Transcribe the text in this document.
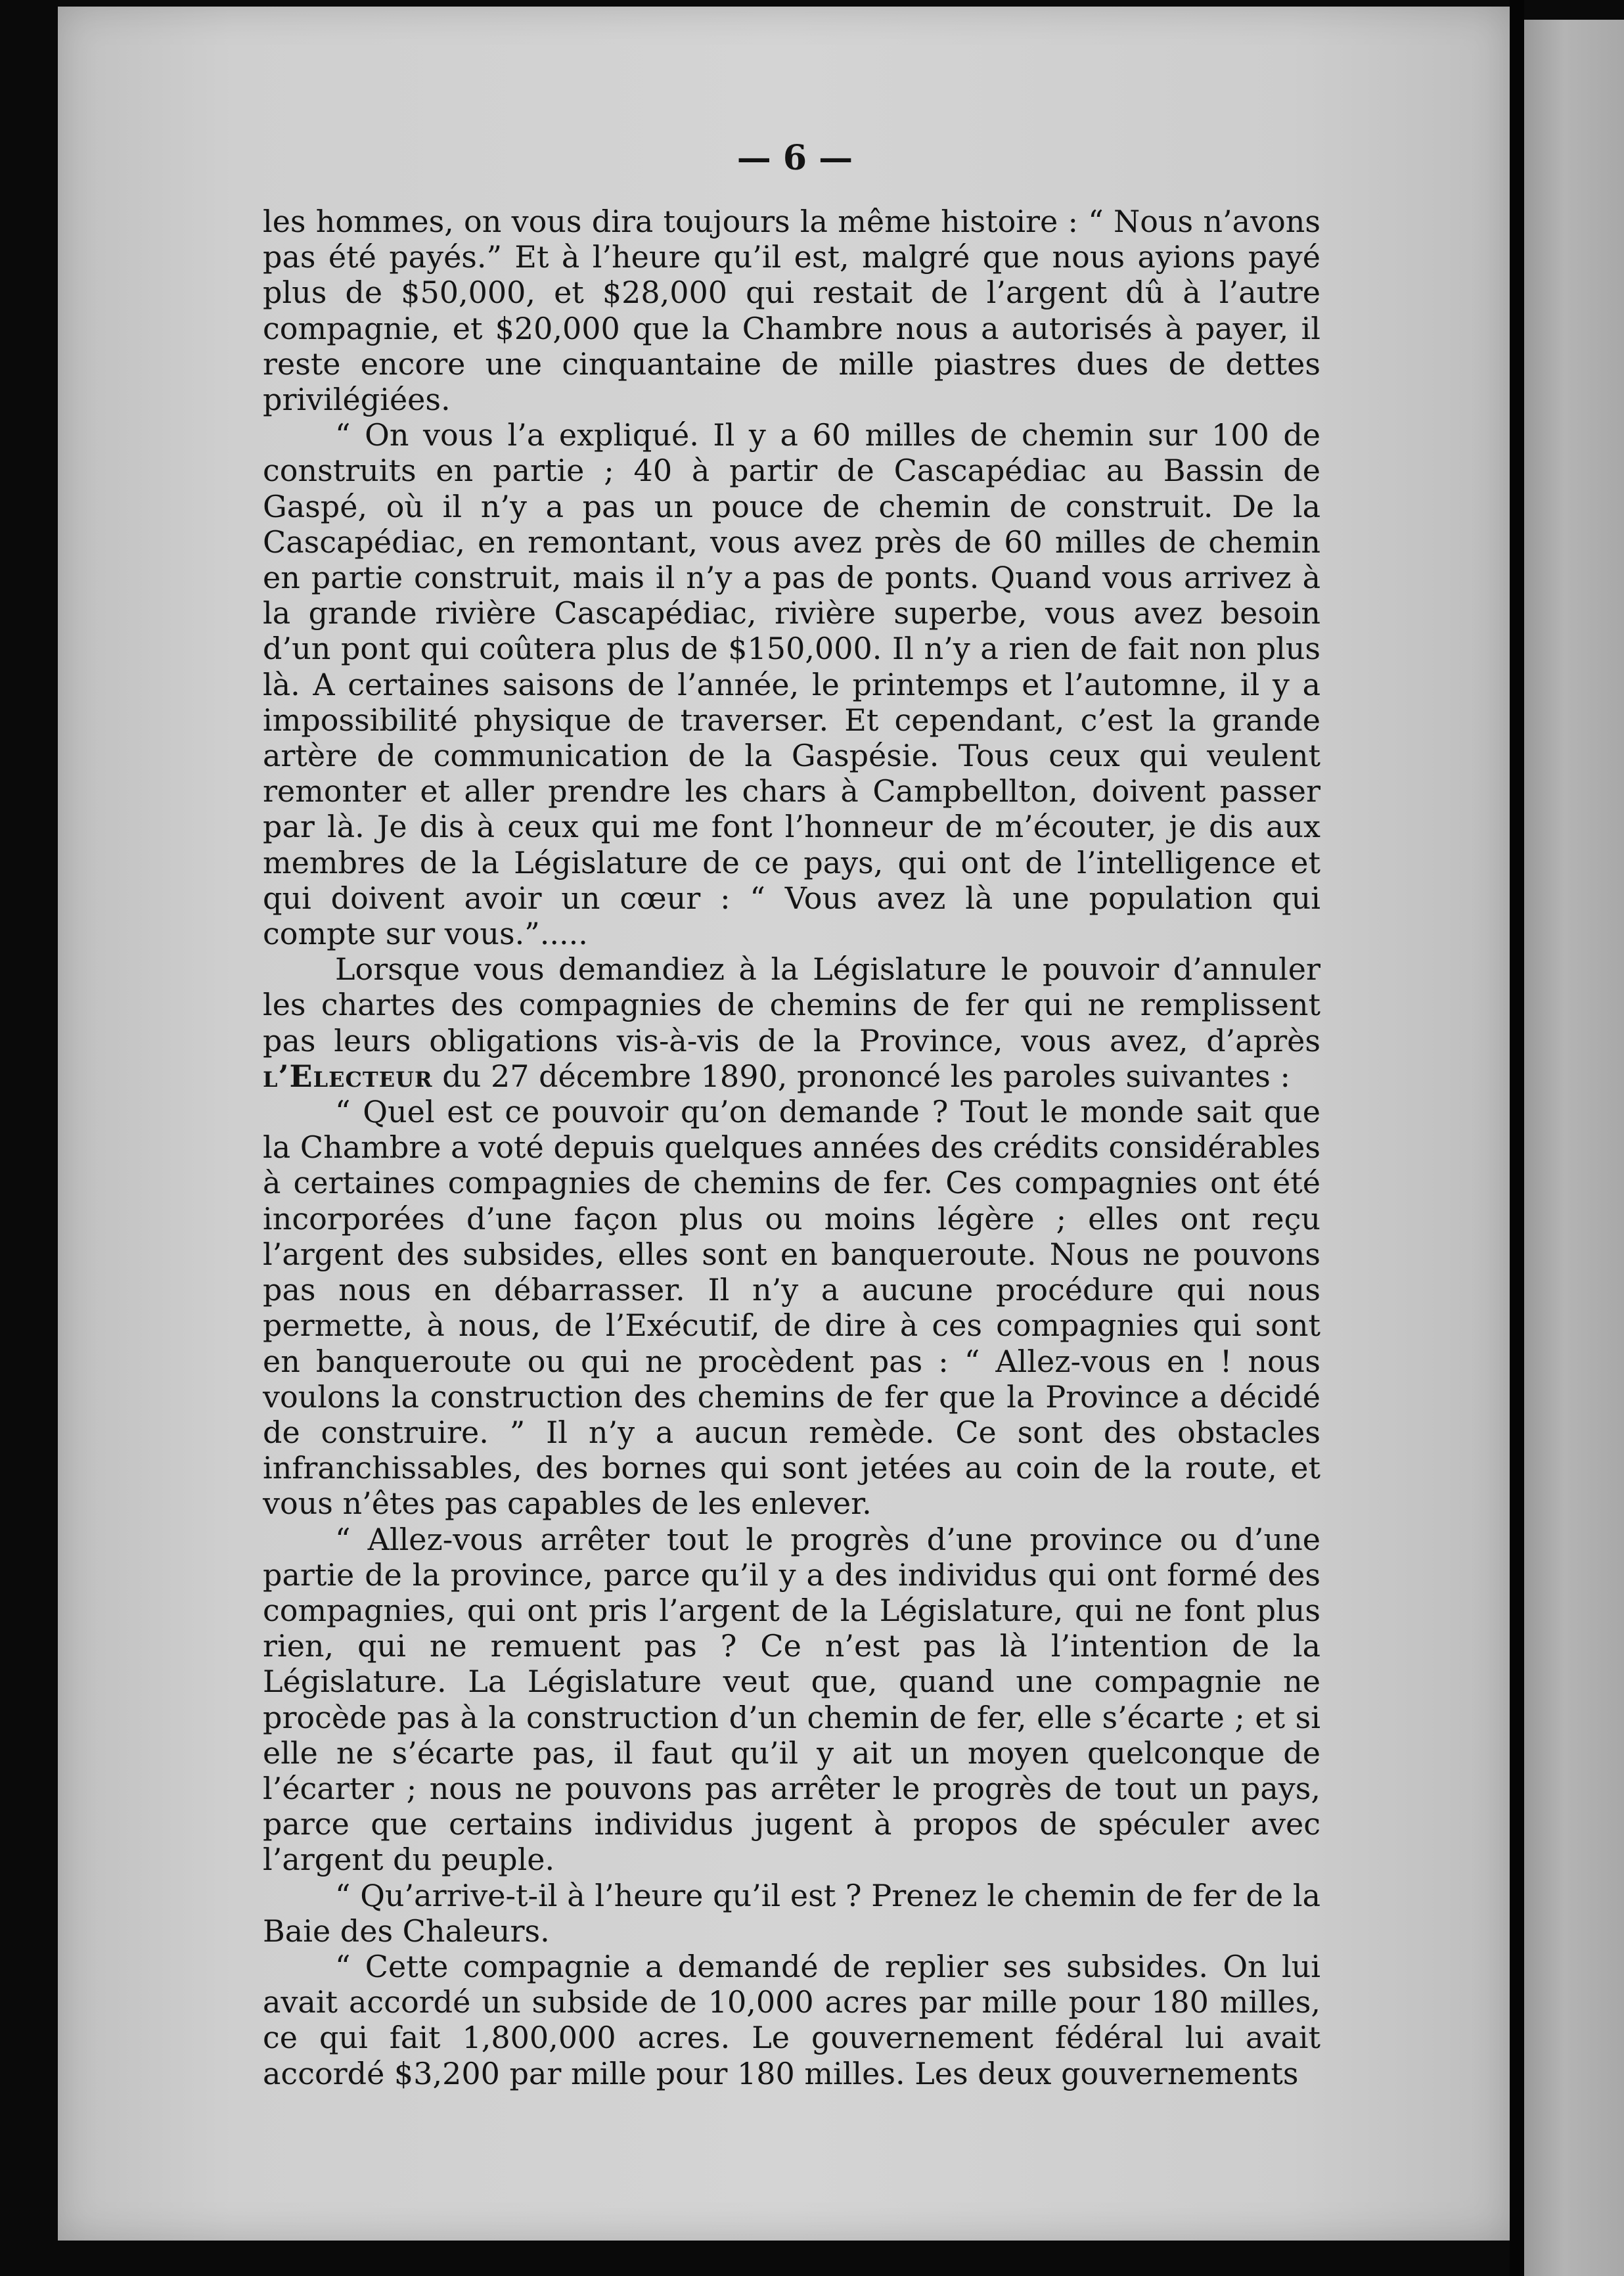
— 6 —

les hommes, on vous dira toujours la même histoire : “ Nous n’avons pas été payés.” Et à l’heure qu’il est, malgré que nous ayions payé plus de $50,000, et $28,000 qui restait de l’argent dû à l’autre compagnie, et $20,000 que la Chambre nous a autorisés à payer, il reste encore une cinquantaine de mille piastres dues de dettes privilégiées.

“ On vous l’a expliqué. Il y a 60 milles de chemin sur 100 de construits en partie ; 40 à partir de Cascapédiac au Bassin de Gaspé, où il n’y a pas un pouce de chemin de construit. De la Cascapédiac, en remontant, vous avez près de 60 milles de chemin en partie construit, mais il n’y a pas de ponts. Quand vous arrivez à la grande rivière Cascapédiac, rivière superbe, vous avez besoin d’un pont qui coûtera plus de $150,000. Il n’y a rien de fait non plus là. A certaines saisons de l’année, le printemps et l’automne, il y a impossibilité physique de traverser. Et cependant, c’est la grande artère de communication de la Gaspésie. Tous ceux qui veulent remonter et aller prendre les chars à Campbellton, doivent passer par là. Je dis à ceux qui me font l’honneur de m’écouter, je dis aux membres de la Législature de ce pays, qui ont de l’intelligence et qui doivent avoir un cœur : “ Vous avez là une population qui compte sur vous.”.....

Lorsque vous demandiez à la Législature le pouvoir d’annuler les chartes des compagnies de chemins de fer qui ne remplissent pas leurs obligations vis-à-vis de la Province, vous avez, d’après l’Electeur du 27 décembre 1890, prononcé les paroles suivantes :

“ Quel est ce pouvoir qu’on demande ? Tout le monde sait que la Chambre a voté depuis quelques années des crédits considérables à certaines compagnies de chemins de fer. Ces compagnies ont été incorporées d’une façon plus ou moins légère ; elles ont reçu l’argent des subsides, elles sont en banqueroute. Nous ne pouvons pas nous en débarrasser. Il n’y a aucune procédure qui nous permette, à nous, de l’Exécutif, de dire à ces compagnies qui sont en banqueroute ou qui ne procèdent pas : “ Allez-vous en ! nous voulons la construction des chemins de fer que la Province a décidé de construire. ” Il n’y a aucun remède. Ce sont des obstacles infranchissables, des bornes qui sont jetées au coin de la route, et vous n’êtes pas capables de les enlever.

“ Allez-vous arrêter tout le progrès d’une province ou d’une partie de la province, parce qu’il y a des individus qui ont formé des compagnies, qui ont pris l’argent de la Législature, qui ne font plus rien, qui ne remuent pas ? Ce n’est pas là l’intention de la Législature. La Législature veut que, quand une compagnie ne procède pas à la construction d’un chemin de fer, elle s’écarte ; et si elle ne s’écarte pas, il faut qu’il y ait un moyen quelconque de l’écarter ; nous ne pouvons pas arrêter le progrès de tout un pays, parce que certains individus jugent à propos de spéculer avec l’argent du peuple.

“ Qu’arrive-t-il à l’heure qu’il est ? Prenez le chemin de fer de la Baie des Chaleurs.

“ Cette compagnie a demandé de replier ses subsides. On lui avait accordé un subside de 10,000 acres par mille pour 180 milles, ce qui fait 1,800,000 acres. Le gouvernement fédéral lui avait accordé $3,200 par mille pour 180 milles. Les deux gouvernements
